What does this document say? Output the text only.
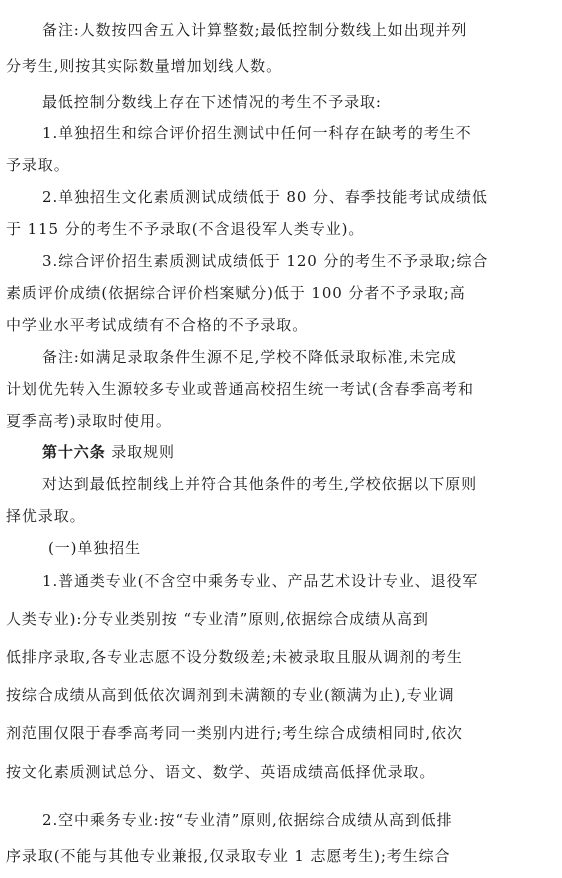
备注:人数按四舍五入计算整数;最低控制分数线上如出现并列
分考生,则按其实际数量增加划线人数。
最低控制分数线上存在下述情况的考生不予录取:
1.单独招生和综合评价招生测试中任何一科存在缺考的考生不
予录取。
2.单独招生文化素质测试成绩低于 80 分、春季技能考试成绩低
于 115 分的考生不予录取(不含退役军人类专业)。
3.综合评价招生素质测试成绩低于 120 分的考生不予录取;综合
素质评价成绩(依据综合评价档案赋分)低于 100 分者不予录取;高
中学业水平考试成绩有不合格的不予录取。
备注:如满足录取条件生源不足,学校不降低录取标准,未完成
计划优先转入生源较多专业或普通高校招生统一考试(含春季高考和
夏季高考)录取时使用。
第十六条 录取规则
对达到最低控制线上并符合其他条件的考生,学校依据以下原则
择优录取。
(一)单独招生
1.普通类专业(不含空中乘务专业、产品艺术设计专业、退役军
人类专业):分专业类别按 “专业清”原则,依据综合成绩从高到
低排序录取,各专业志愿不设分数级差;未被录取且服从调剂的考生
按综合成绩从高到低依次调剂到未满额的专业(额满为止),专业调
剂范围仅限于春季高考同一类别内进行;考生综合成绩相同时,依次
按文化素质测试总分、语文、数学、英语成绩高低择优录取。
2.空中乘务专业:按“专业清”原则,依据综合成绩从高到低排
序录取(不能与其他专业兼报,仅录取专业 1 志愿考生);考生综合
